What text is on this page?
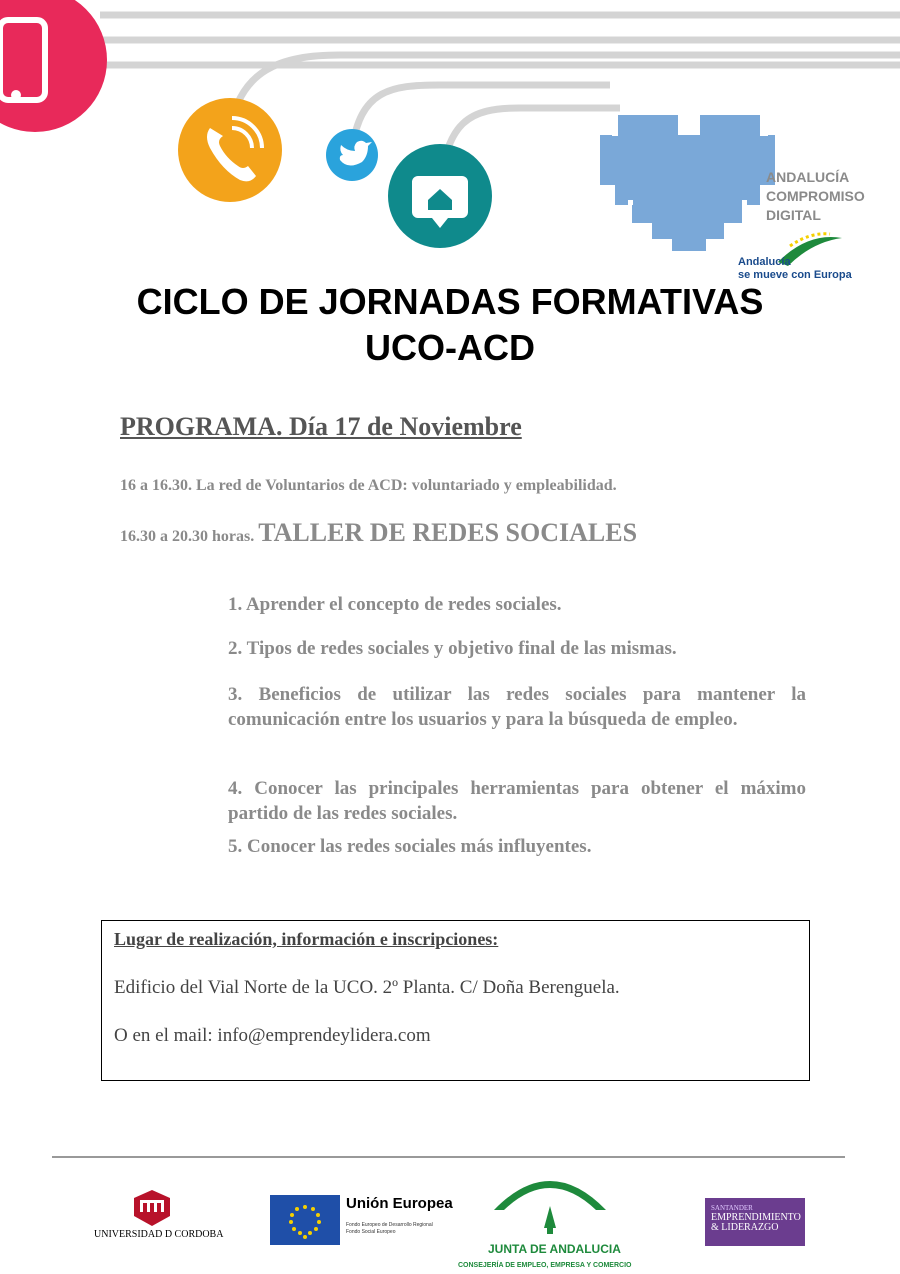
ANDALUCÍA
COMPROMISO
DIGITAL
Andalucía
se mueve con Europa
CICLO DE JORNADAS FORMATIVAS
UCO-ACD
PROGRAMA. Día 17 de Noviembre
16 a 16.30. La red de Voluntarios de ACD: voluntariado y empleabilidad.
16.30 a 20.30 horas. TALLER DE REDES SOCIALES
1. Aprender el concepto de redes sociales.
2. Tipos de redes sociales y objetivo final de las mismas.
3. Beneficios de utilizar las redes sociales para mantener la comunicación entre los usuarios y para la búsqueda de empleo.
4. Conocer las principales herramientas para obtener el máximo partido de las redes sociales.
5. Conocer las redes sociales más influyentes.
Lugar de realización, información e inscripciones:
Edificio del Vial Norte de la UCO. 2º Planta. C/ Doña Berenguela.
O en el mail: info@emprendeylidera.com
UNIVERSIDAD D CORDOBA
Unión Europea
Fondo Europeo de Desarrollo Regional
Fondo Social Europeo
JUNTA DE ANDALUCIA
CONSEJERÍA DE EMPLEO, EMPRESA Y COMERCIO
SANTANDER
EMPRENDIMIENTO
& LIDERAZGO
